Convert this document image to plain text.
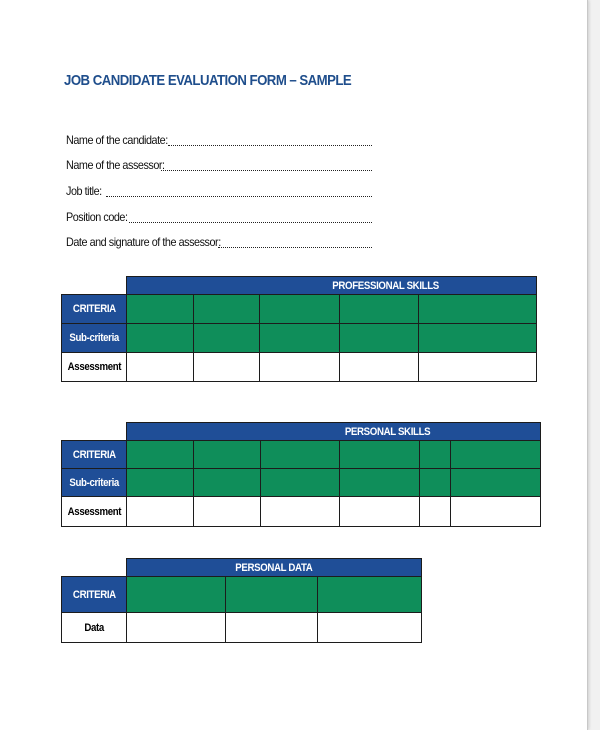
JOB CANDIDATE EVALUATION FORM – SAMPLE
Name of the candidate:
Name of the assessor:
Job title:
Position code:
Date and signature of the assessor:
	PROFESSIONAL SKILLS				
CRITERIA					
Sub-criteria					
Assessment					
	PERSONAL SKILLS					
CRITERIA						
Sub-criteria						
Assessment						
	PERSONAL DATA		
CRITERIA			
Data			
